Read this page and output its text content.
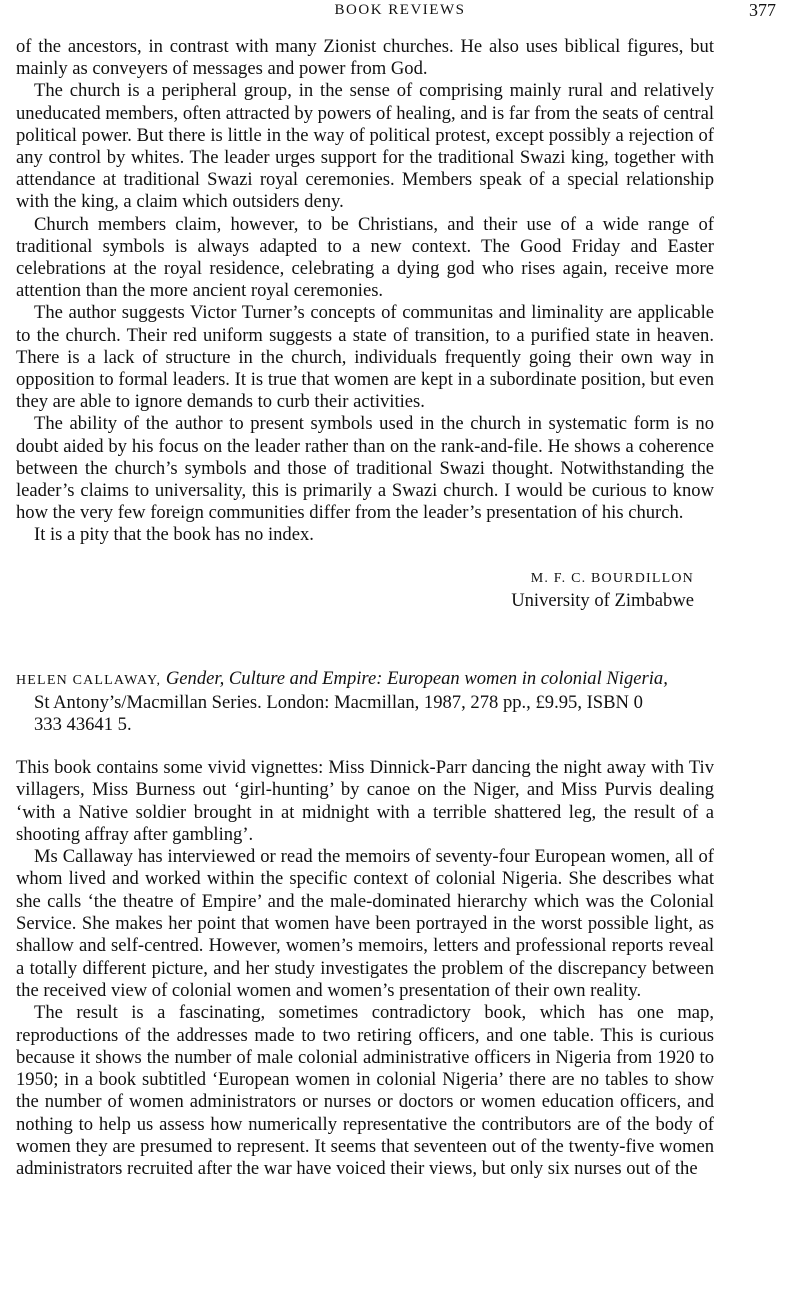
BOOK REVIEWS	377

of the ancestors, in contrast with many Zionist churches. He also uses biblical figures, but mainly as conveyers of messages and power from God.

The church is a peripheral group, in the sense of comprising mainly rural and relatively uneducated members, often attracted by powers of healing, and is far from the seats of central political power. But there is little in the way of political protest, except possibly a rejection of any control by whites. The leader urges support for the traditional Swazi king, together with attendance at traditional Swazi royal ceremonies. Members speak of a special relationship with the king, a claim which outsiders deny.

Church members claim, however, to be Christians, and their use of a wide range of traditional symbols is always adapted to a new context. The Good Friday and Easter celebrations at the royal residence, celebrating a dying god who rises again, receive more attention than the more ancient royal ceremonies.

The author suggests Victor Turner’s concepts of communitas and liminality are applicable to the church. Their red uniform suggests a state of transition, to a purified state in heaven. There is a lack of structure in the church, individuals frequently going their own way in opposition to formal leaders. It is true that women are kept in a subordinate position, but even they are able to ignore demands to curb their activities.

The ability of the author to present symbols used in the church in systematic form is no doubt aided by his focus on the leader rather than on the rank-and-file. He shows a coherence between the church’s symbols and those of traditional Swazi thought. Notwithstanding the leader’s claims to universality, this is primarily a Swazi church. I would be curious to know how the very few foreign communities differ from the leader’s presentation of his church.

It is a pity that the book has no index.

M. F. C. BOURDILLON
University of Zimbabwe
HELEN CALLAWAY, Gender, Culture and Empire: European women in colonial Nigeria,
St Antony’s/Macmillan Series. London: Macmillan, 1987, 278 pp., £9.95, ISBN 0
333 43641 5.

This book contains some vivid vignettes: Miss Dinnick-Parr dancing the night away with Tiv villagers, Miss Burness out ‘girl-hunting’ by canoe on the Niger, and Miss Purvis dealing ‘with a Native soldier brought in at midnight with a terrible shattered leg, the result of a shooting affray after gambling’.

Ms Callaway has interviewed or read the memoirs of seventy-four European women, all of whom lived and worked within the specific context of colonial Nigeria. She describes what she calls ‘the theatre of Empire’ and the male-dominated hierarchy which was the Colonial Service. She makes her point that women have been portrayed in the worst possible light, as shallow and self-centred. However, women’s memoirs, letters and professional reports reveal a totally different picture, and her study investigates the problem of the discrepancy between the received view of colonial women and women’s presentation of their own reality.

The result is a fascinating, sometimes contradictory book, which has one map, reproductions of the addresses made to two retiring officers, and one table. This is curious because it shows the number of male colonial administrative officers in Nigeria from 1920 to 1950; in a book subtitled ‘European women in colonial Nigeria’ there are no tables to show the number of women administrators or nurses or doctors or women education officers, and nothing to help us assess how numerically representative the contributors are of the body of women they are presumed to represent. It seems that seventeen out of the twenty-five women administrators recruited after the war have voiced their views, but only six nurses out of the
